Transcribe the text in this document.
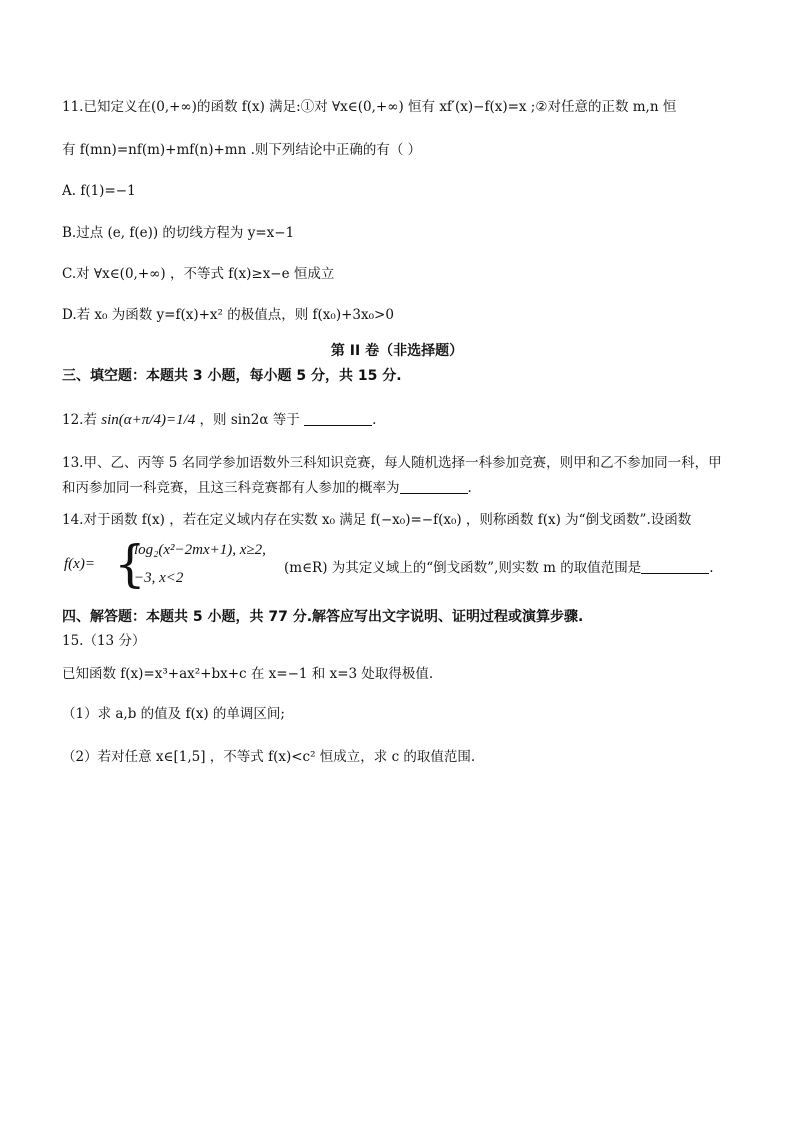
11.已知定义在(0,+∞)的函数 f(x) 满足:①对 ∀x∈(0,+∞) 恒有 xf′(x)−f(x)=x ;②对任意的正数 m,n 恒
有 f(mn)=nf(m)+mf(n)+mn .则下列结论中正确的有（ ）
A. f(1)=−1
B.过点 (e, f(e)) 的切线方程为 y=x−1
C.对 ∀x∈(0,+∞) ，不等式 f(x)≥x−e 恒成立
D.若 x₀ 为函数 y=f(x)+x² 的极值点，则 f(x₀)+3x₀>0
第 II 卷（非选择题）
三、填空题：本题共 3 小题，每小题 5 分，共 15 分.
12.若 sin(α+π/4)=1/4 ，则 sin2α 等于	.
13.甲、乙、丙等 5 名同学参加语数外三科知识竞赛，每人随机选择一科参加竞赛，则甲和乙不参加同一科，甲
和丙参加同一科竞赛，且这三科竞赛都有人参加的概率为	.
14.对于函数 f(x) ，若在定义域内存在实数 x₀ 满足 f(−x₀)=−f(x₀) ，则称函数 f(x) 为“倒戈函数”.设函数
f(x)= {
log₂(x²−2mx+1), x≥2,
−3, x<2
(m∈R) 为其定义域上的“倒戈函数”,则实数 m 的取值范围是	.
四、解答题：本题共 5 小题，共 77 分.解答应写出文字说明、证明过程或演算步骤.
15.（13 分）
已知函数 f(x)=x³+ax²+bx+c 在 x=−1 和 x=3 处取得极值.
（1）求 a,b 的值及 f(x) 的单调区间;
（2）若对任意 x∈[1,5] ，不等式 f(x)<c² 恒成立，求 c 的取值范围.
